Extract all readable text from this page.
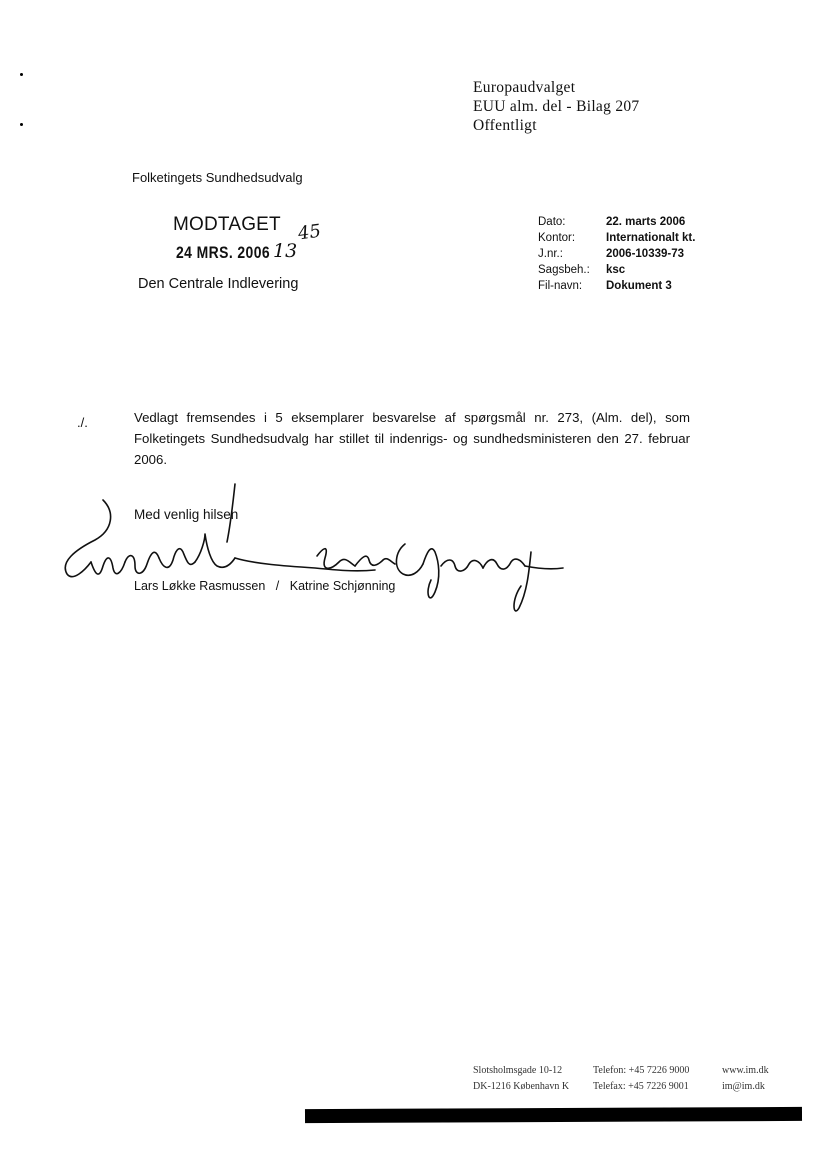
Europaudvalget
EUU alm. del - Bilag 207
Offentligt
Folketingets Sundhedsudvalg
MODTAGET 45
24 MRS. 2006 13
Den Centrale Indlevering
Dato:	22. marts 2006
Kontor:	Internationalt kt.
J.nr.:	2006-10339-73
Sagsbeh.:	ksc
Fil-navn:	Dokument 3
./.	Vedlagt fremsendes i 5 eksemplarer besvarelse af spørgsmål nr. 273, (Alm. del), som Folketingets Sundhedsudvalg har stillet til indenrigs- og sundhedsministeren den 27. februar 2006.
Med venlig hilsen
Lars Løkke Rasmussen / Katrine Schjønning
Slotsholmsgade 10-12
DK-1216 København K
Telefon: +45 7226 9000
Telefax: +45 7226 9001
www.im.dk
im@im.dk
